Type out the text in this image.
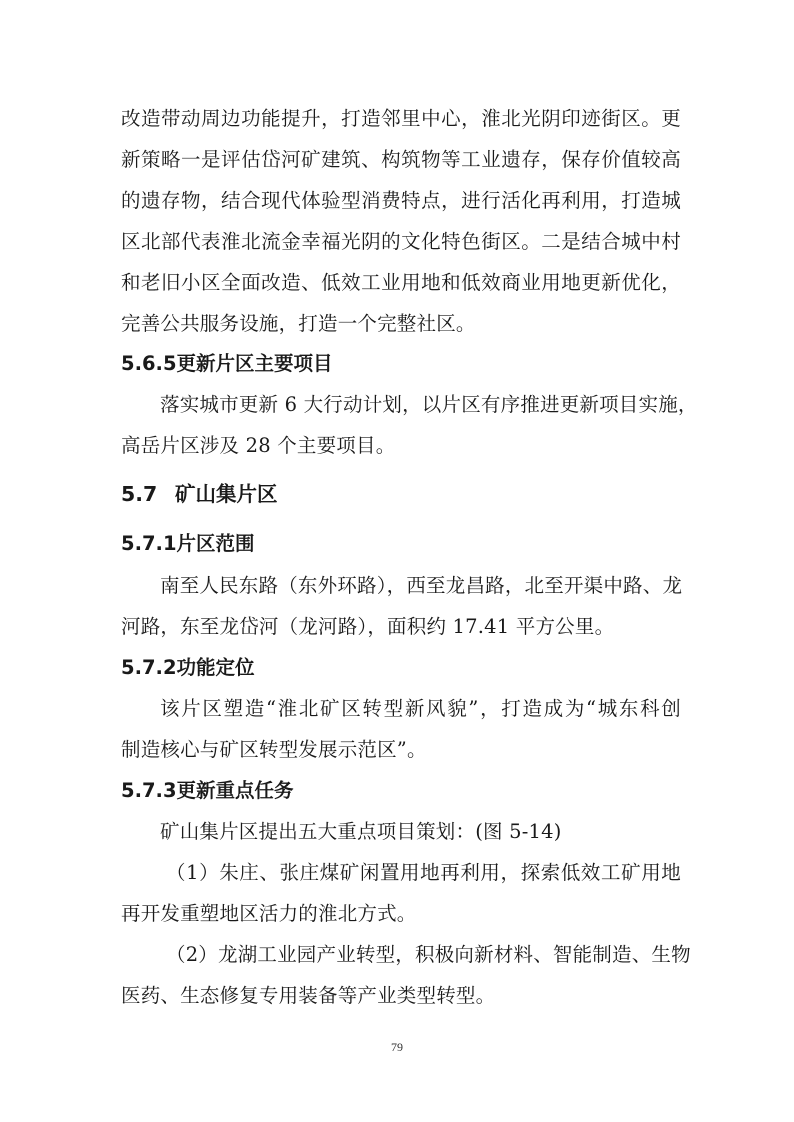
改造带动周边功能提升，打造邻里中心，淮北光阴印迹街区。更
新策略一是评估岱河矿建筑、构筑物等工业遗存，保存价值较高
的遗存物，结合现代体验型消费特点，进行活化再利用，打造城
区北部代表淮北流金幸福光阴的文化特色街区。二是结合城中村
和老旧小区全面改造、低效工业用地和低效商业用地更新优化，
完善公共服务设施，打造一个完整社区。
5.6.5更新片区主要项目
落实城市更新 6 大行动计划，以片区有序推进更新项目实施，
高岳片区涉及 28 个主要项目。
5.7 矿山集片区
5.7.1片区范围
南至人民东路（东外环路），西至龙昌路，北至开渠中路、龙
河路，东至龙岱河（龙河路），面积约 17.41 平方公里。
5.7.2功能定位
该片区塑造“淮北矿区转型新风貌”，打造成为“城东科创
制造核心与矿区转型发展示范区”。
5.7.3更新重点任务
矿山集片区提出五大重点项目策划：(图 5-14)
（1）朱庄、张庄煤矿闲置用地再利用，探索低效工矿用地
再开发重塑地区活力的淮北方式。
（2）龙湖工业园产业转型，积极向新材料、智能制造、生物
医药、生态修复专用装备等产业类型转型。
79
